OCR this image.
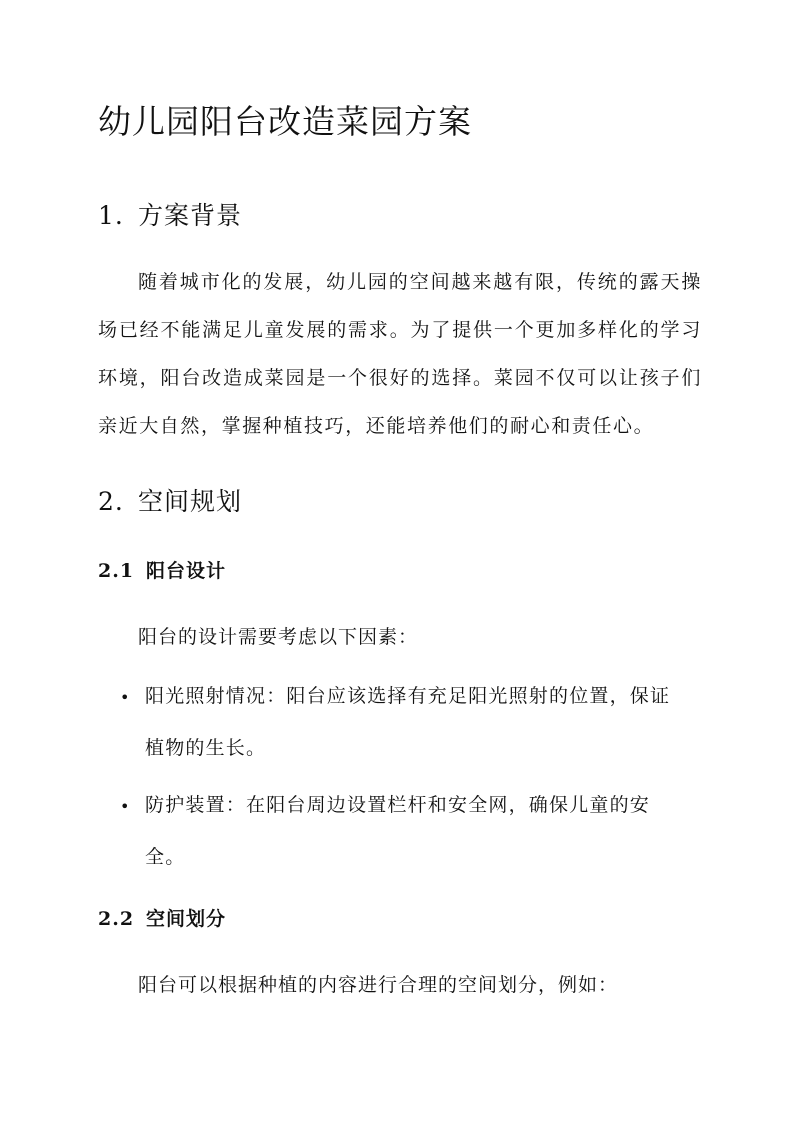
幼儿园阳台改造菜园方案
1. 方案背景

随着城市化的发展，幼儿园的空间越来越有限，传统的露天操场已经不能满足儿童发展的需求。为了提供一个更加多样化的学习环境，阳台改造成菜园是一个很好的选择。菜园不仅可以让孩子们亲近大自然，掌握种植技巧，还能培养他们的耐心和责任心。

2. 空间规划
2.1 阳台设计

阳台的设计需要考虑以下因素：

• 阳光照射情况：阳台应该选择有充足阳光照射的位置，保证植物的生长。

• 防护装置：在阳台周边设置栏杆和安全网，确保儿童的安全。

2.2 空间划分

阳台可以根据种植的内容进行合理的空间划分，例如：
